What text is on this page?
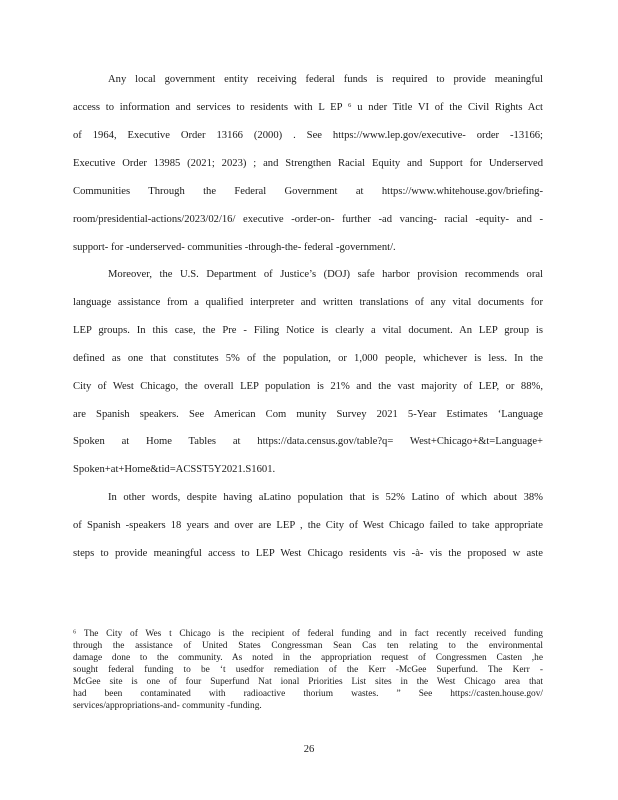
Any local government entity receiving federal funds is required to provide meaningful
access to information and services to residents with L EP ⁶ u nder Title VI of the Civil Rights Act
of 1964, Executive Order 13166 (2000) . See https://www.lep.gov/executive- order -13166;
Executive Order 13985 (2021; 2023) ; and Strengthen Racial Equity and Support for Underserved
Communities Through the Federal Government at https://www.whitehouse.gov/briefing-
room/presidential-actions/2023/02/16/ executive -order-on- further -ad vancing- racial -equity- and -
support- for -underserved- communities -through-the- federal -government/.
Moreover, the U.S. Department of Justice’s (DOJ) safe harbor provision recommends oral
language assistance from a qualified interpreter and written translations of any vital documents for
LEP groups. In this case, the Pre - Filing Notice is clearly a vital document. An LEP group is
defined as one that constitutes 5% of the population, or 1,000 people, whichever is less. In the
City of West Chicago, the overall LEP population is 21% and the vast majority of LEP, or 88%,
are Spanish speakers. See American Com munity Survey 2021 5-Year Estimates ‘Language
Spoken at Home Tables at https://data.census.gov/table?q= West+Chicago+&t=Language+
Spoken+at+Home&tid=ACSST5Y2021.S1601.
In other words, despite having aLatino population that is 52% Latino of which about 38%
of Spanish -speakers 18 years and over are LEP , the City of West Chicago failed to take appropriate
steps to provide meaningful access to LEP West Chicago residents vis -à- vis the proposed w aste
⁶ The City of Wes t Chicago is the recipient of federal funding and in fact recently received funding
through the assistance of United States Congressman Sean Cas ten relating to the environmental
damage done to the community. As noted in the appropriation request of Congressmen Casten ,he
sought federal funding to be ‘t usedfor remediation of the Kerr -McGee Superfund. The Kerr -
McGee site is one of four Superfund Nat ional Priorities List sites in the West Chicago area that
had been contaminated with radioactive thorium wastes. ” See https://casten.house.gov/
services/appropriations-and- community -funding.
26
